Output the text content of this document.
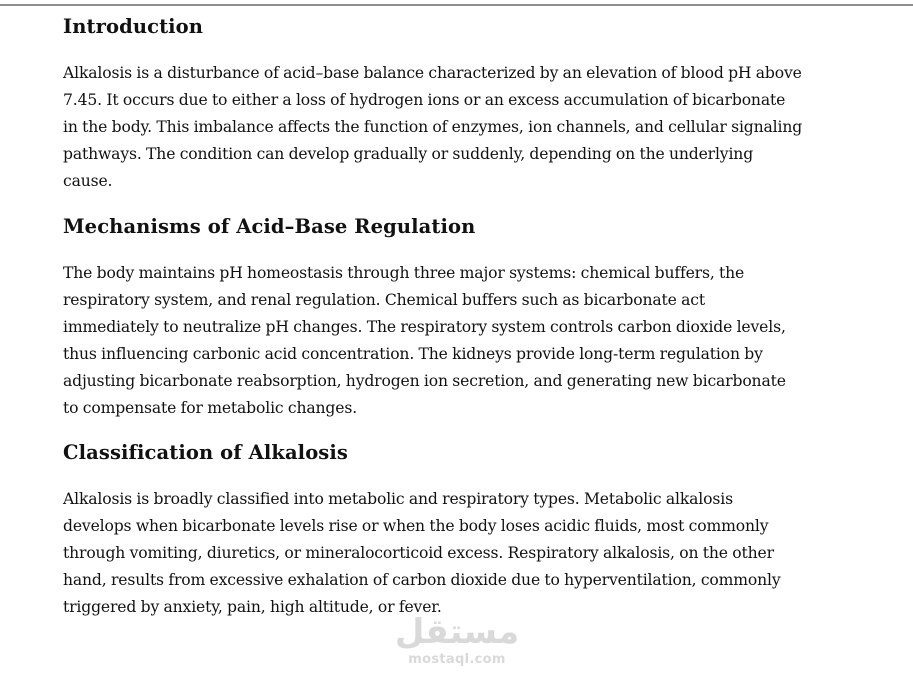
Introduction

Alkalosis is a disturbance of acid–base balance characterized by an elevation of blood pH above 7.45. It occurs due to either a loss of hydrogen ions or an excess accumulation of bicarbonate in the body. This imbalance affects the function of enzymes, ion channels, and cellular signaling pathways. The condition can develop gradually or suddenly, depending on the underlying cause.

Mechanisms of Acid–Base Regulation

The body maintains pH homeostasis through three major systems: chemical buffers, the respiratory system, and renal regulation. Chemical buffers such as bicarbonate act immediately to neutralize pH changes. The respiratory system controls carbon dioxide levels, thus influencing carbonic acid concentration. The kidneys provide long-term regulation by adjusting bicarbonate reabsorption, hydrogen ion secretion, and generating new bicarbonate to compensate for metabolic changes.

Classification of Alkalosis

Alkalosis is broadly classified into metabolic and respiratory types. Metabolic alkalosis develops when bicarbonate levels rise or when the body loses acidic fluids, most commonly through vomiting, diuretics, or mineralocorticoid excess. Respiratory alkalosis, on the other hand, results from excessive exhalation of carbon dioxide due to hyperventilation, commonly triggered by anxiety, pain, high altitude, or fever.

مستقل
mostaql.com
